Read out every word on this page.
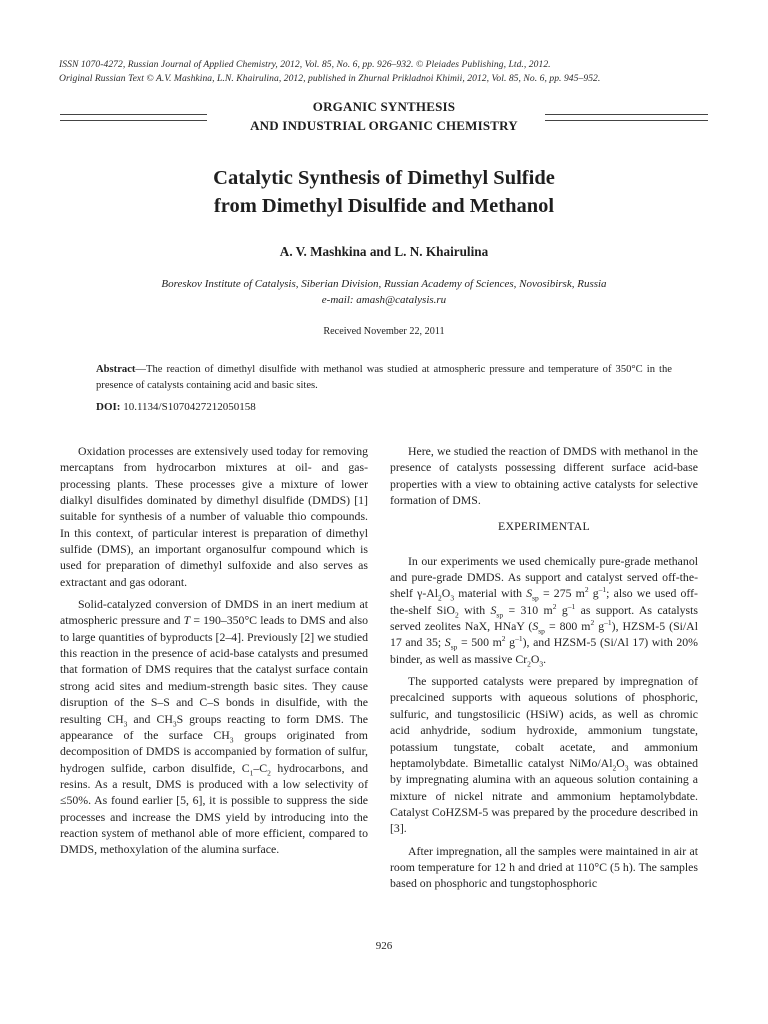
ISSN 1070-4272, Russian Journal of Applied Chemistry, 2012, Vol. 85, No. 6, pp. 926–932. © Pleiades Publishing, Ltd., 2012.
Original Russian Text © A.V. Mashkina, L.N. Khairulina, 2012, published in Zhurnal Prikladnoi Khimii, 2012, Vol. 85, No. 6, pp. 945–952.
ORGANIC SYNTHESIS
AND INDUSTRIAL ORGANIC CHEMISTRY
Catalytic Synthesis of Dimethyl Sulfide
from Dimethyl Disulfide and Methanol
A. V. Mashkina and L. N. Khairulina
Boreskov Institute of Catalysis, Siberian Division, Russian Academy of Sciences, Novosibirsk, Russia
e-mail: amash@catalysis.ru
Received November 22, 2011
Abstract—The reaction of dimethyl disulfide with methanol was studied at atmospheric pressure and temperature of 350°C in the presence of catalysts containing acid and basic sites.
DOI: 10.1134/S1070427212050158

Oxidation processes are extensively used today for removing mercaptans from hydrocarbon mixtures at oil- and gas-processing plants. These processes give a mixture of lower dialkyl disulfides dominated by dimethyl disulfide (DMDS) [1] suitable for synthesis of a number of valuable thio compounds. In this context, of particular interest is preparation of dimethyl sulfide (DMS), an important organosulfur compound which is used for preparation of dimethyl sulfoxide and also serves as extractant and gas odorant.

Solid-catalyzed conversion of DMDS in an inert medium at atmospheric pressure and T = 190–350°C leads to DMS and also to large quantities of byproducts [2–4]. Previously [2] we studied this reaction in the presence of acid-base catalysts and presumed that formation of DMS requires that the catalyst surface contain strong acid sites and medium-strength basic sites. They cause disruption of the S–S and C–S bonds in disulfide, with the resulting $CH_3$ and $CH_3S$ groups reacting to form DMS. The appearance of the surface $CH_3$ groups originated from decomposition of DMDS is accompanied by formation of sulfur, hydrogen sulfide, carbon disulfide, $C_1-C_2$ hydrocarbons, and resins. As a result, DMS is produced with a low selectivity of ≤50%. As found earlier [5, 6], it is possible to suppress the side processes and increase the DMS yield by introducing into the reaction system of methanol able of more efficient, compared to DMDS, methoxylation of the alumina surface.

Here, we studied the reaction of DMDS with methanol in the presence of catalysts possessing different surface acid-base properties with a view to obtaining active catalysts for selective formation of DMS.

EXPERIMENTAL

In our experiments we used chemically pure-grade methanol and pure-grade DMDS. As support and catalyst served off-the-shelf $\gamma-Al_2O_3$ material with $S_{sp} = 275$ $m^2$ $g^{-1}$; also we used off-the-shelf SiO$_2$ with $S_{sp} = 310$ $m^2$ $g^{-1}$ as support. As catalysts served zeolites NaX, HNaY ($S_{sp} = 800$ $m^2$ $g^{-1}$), HZSM-5 (Si/Al 17 and 35; $S_{sp} = 500$ $m^2$ $g^{-1}$), and HZSM-5 (Si/Al 17) with 20% binder, as well as massive $Cr_2O_3$.

The supported catalysts were prepared by impregnation of precalcined supports with aqueous solutions of phosphoric, sulfuric, and tungstosilicic (HSiW) acids, as well as chromic acid anhydride, sodium hydroxide, ammonium tungstate, potassium tungstate, cobalt acetate, and ammonium heptamolybdate. Bimetallic catalyst NiMo/$Al_2O_3$ was obtained by impregnating alumina with an aqueous solution containing a mixture of nickel nitrate and ammonium heptamolybdate. Catalyst CoHZSM-5 was prepared by the procedure described in [3].

After impregnation, all the samples were maintained in air at room temperature for 12 h and dried at 110°C (5 h). The samples based on phosphoric and tungstophosphoric

926
